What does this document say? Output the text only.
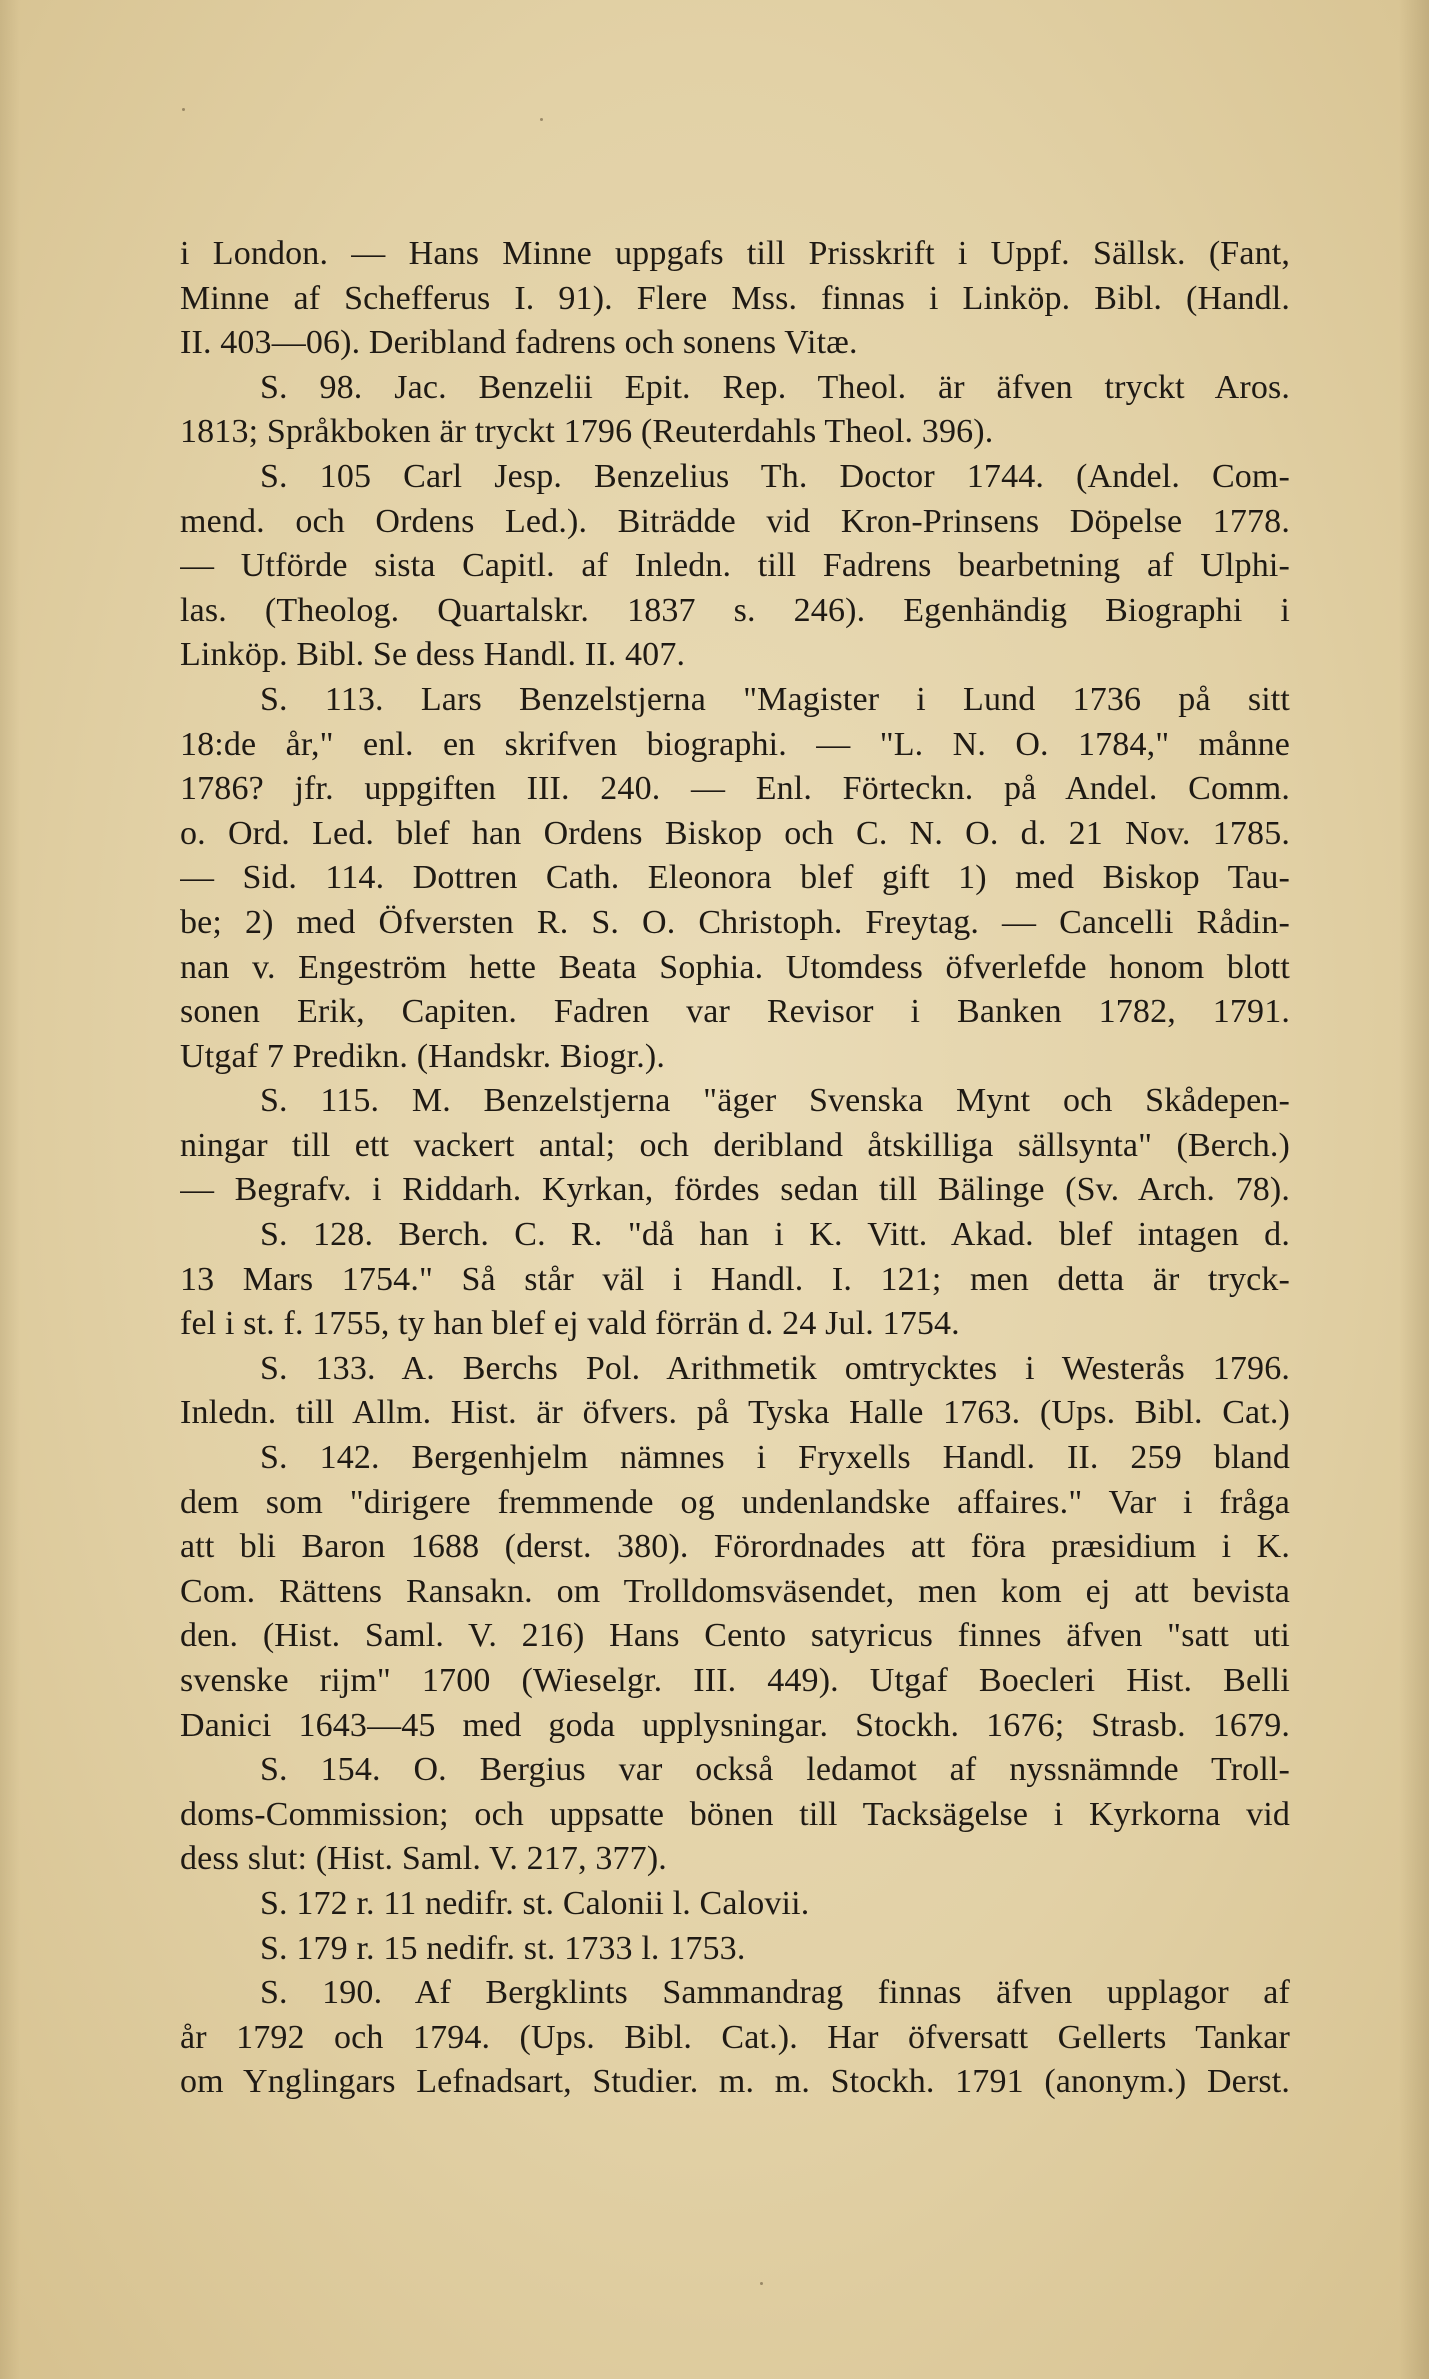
i London. — Hans Minne uppgafs till Prisskrift i Uppf. Sällsk. (Fant,
Minne af Schefferus I. 91). Flere Mss. finnas i Linköp. Bibl. (Handl.
II. 403—06). Deribland fadrens och sonens Vitæ.
S. 98. Jac. Benzelii Epit. Rep. Theol. är äfven tryckt Aros.
1813; Språkboken är tryckt 1796 (Reuterdahls Theol. 396).
S. 105 Carl Jesp. Benzelius Th. Doctor 1744. (Andel. Com-
mend. och Ordens Led.). Biträdde vid Kron-Prinsens Döpelse 1778.
— Utförde sista Capitl. af Inledn. till Fadrens bearbetning af Ulphi-
las. (Theolog. Quartalskr. 1837 s. 246). Egenhändig Biographi i
Linköp. Bibl. Se dess Handl. II. 407.
S. 113. Lars Benzelstjerna "Magister i Lund 1736 på sitt
18:de år," enl. en skrifven biographi. — "L. N. O. 1784," månne
1786? jfr. uppgiften III. 240. — Enl. Förteckn. på Andel. Comm.
o. Ord. Led. blef han Ordens Biskop och C. N. O. d. 21 Nov. 1785.
— Sid. 114. Dottren Cath. Eleonora blef gift 1) med Biskop Tau-
be; 2) med Öfversten R. S. O. Christoph. Freytag. — Cancelli Rådin-
nan v. Engeström hette Beata Sophia. Utomdess öfverlefde honom blott
sonen Erik, Capiten. Fadren var Revisor i Banken 1782, 1791.
Utgaf 7 Predikn. (Handskr. Biogr.).
S. 115. M. Benzelstjerna "äger Svenska Mynt och Skådepen-
ningar till ett vackert antal; och deribland åtskilliga sällsynta" (Berch.)
— Begrafv. i Riddarh. Kyrkan, fördes sedan till Bälinge (Sv. Arch. 78).
S. 128. Berch. C. R. "då han i K. Vitt. Akad. blef intagen d.
13 Mars 1754." Så står väl i Handl. I. 121; men detta är tryck-
fel i st. f. 1755, ty han blef ej vald förrän d. 24 Jul. 1754.
S. 133. A. Berchs Pol. Arithmetik omtrycktes i Westerås 1796.
Inledn. till Allm. Hist. är öfvers. på Tyska Halle 1763. (Ups. Bibl. Cat.)
S. 142. Bergenhjelm nämnes i Fryxells Handl. II. 259 bland
dem som "dirigere fremmende og undenlandske affaires." Var i fråga
att bli Baron 1688 (derst. 380). Förordnades att föra præsidium i K.
Com. Rättens Ransakn. om Trolldomsväsendet, men kom ej att bevista
den. (Hist. Saml. V. 216) Hans Cento satyricus finnes äfven "satt uti
svenske rijm" 1700 (Wieselgr. III. 449). Utgaf Boecleri Hist. Belli
Danici 1643—45 med goda upplysningar. Stockh. 1676; Strasb. 1679.
S. 154. O. Bergius var också ledamot af nyssnämnde Troll-
doms-Commission; och uppsatte bönen till Tacksägelse i Kyrkorna vid
dess slut: (Hist. Saml. V. 217, 377).
S. 172 r. 11 nedifr. st. Calonii l. Calovii.
S. 179 r. 15 nedifr. st. 1733 l. 1753.
S. 190. Af Bergklints Sammandrag finnas äfven upplagor af
år 1792 och 1794. (Ups. Bibl. Cat.). Har öfversatt Gellerts Tankar
om Ynglingars Lefnadsart, Studier. m. m. Stockh. 1791 (anonym.) Derst.
